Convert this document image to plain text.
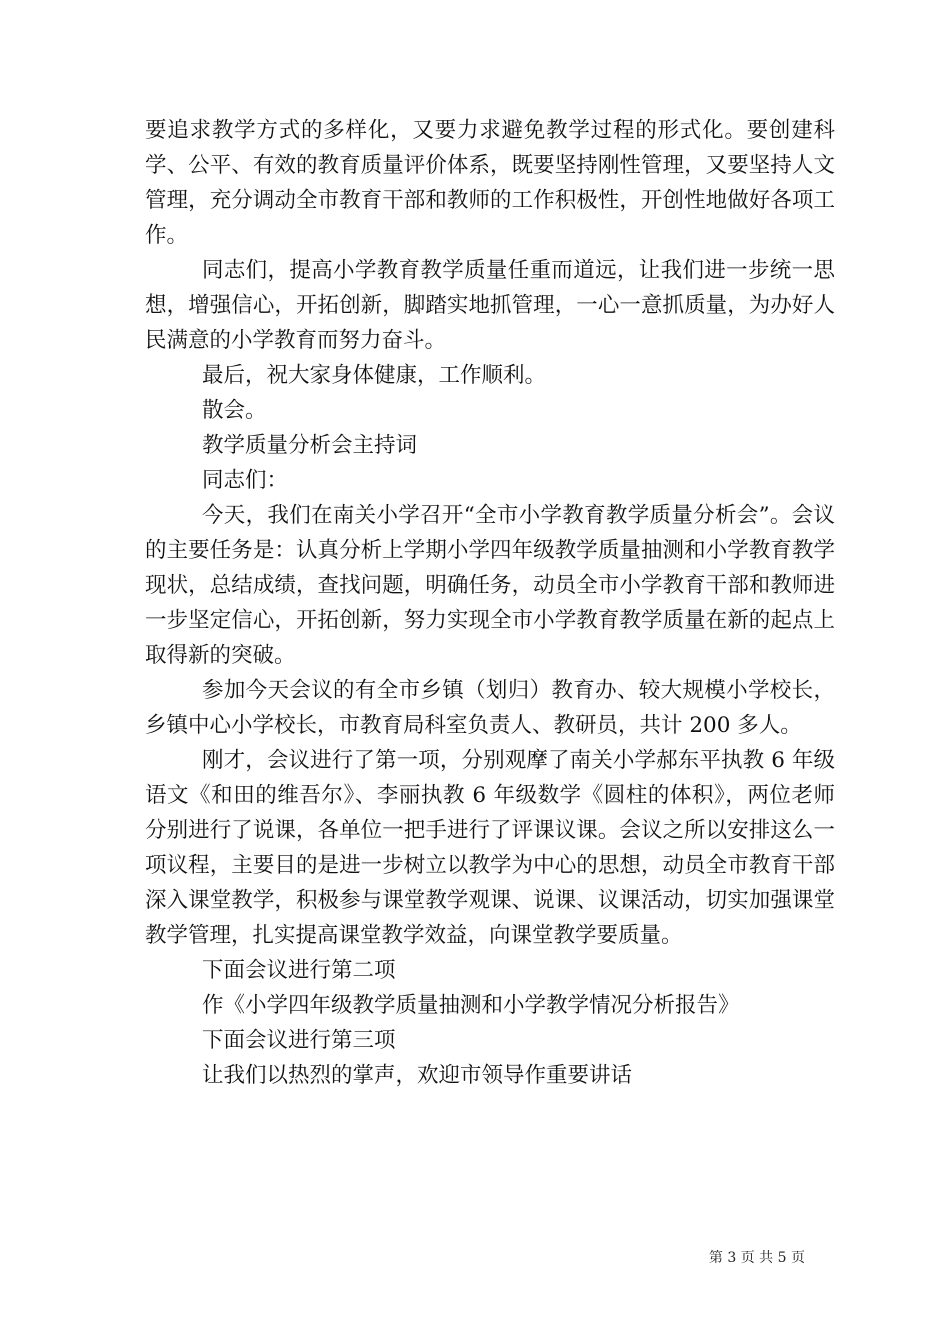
要追求教学方式的多样化，又要力求避免教学过程的形式化。要创建科学、公平、有效的教育质量评价体系，既要坚持刚性管理，又要坚持人文管理，充分调动全市教育干部和教师的工作积极性，开创性地做好各项工作。

同志们，提高小学教育教学质量任重而道远，让我们进一步统一思想，增强信心，开拓创新，脚踏实地抓管理，一心一意抓质量，为办好人民满意的小学教育而努力奋斗。

最后，祝大家身体健康，工作顺利。

散会。

教学质量分析会主持词

同志们：

今天，我们在南关小学召开“全市小学教育教学质量分析会”。会议的主要任务是：认真分析上学期小学四年级教学质量抽测和小学教育教学现状，总结成绩，查找问题，明确任务，动员全市小学教育干部和教师进一步坚定信心，开拓创新，努力实现全市小学教育教学质量在新的起点上取得新的突破。

参加今天会议的有全市乡镇（划归）教育办、较大规模小学校长，乡镇中心小学校长，市教育局科室负责人、教研员，共计 200 多人。

刚才，会议进行了第一项，分别观摩了南关小学郝东平执教 6 年级语文《和田的维吾尔》、李丽执教 6 年级数学《圆柱的体积》，两位老师分别进行了说课，各单位一把手进行了评课议课。会议之所以安排这么一项议程，主要目的是进一步树立以教学为中心的思想，动员全市教育干部深入课堂教学，积极参与课堂教学观课、说课、议课活动，切实加强课堂教学管理，扎实提高课堂教学效益，向课堂教学要质量。

下面会议进行第二项

作《小学四年级教学质量抽测和小学教学情况分析报告》

下面会议进行第三项

让我们以热烈的掌声，欢迎市领导作重要讲话

第 3 页 共 5 页
